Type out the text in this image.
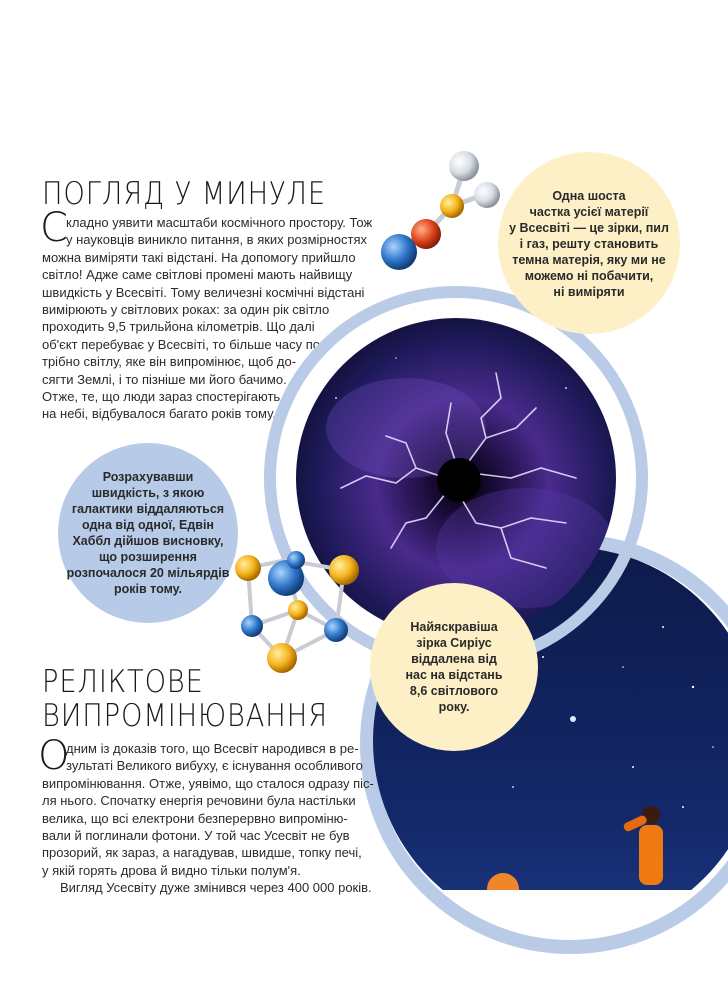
ПОГЛЯД У МИНУЛЕ
С
кладно уявити масштаби космічного простору. Тож
у науковців виникло питання, в яких розмірностях
можна виміряти такі відстані. На допомогу прийшло
світло! Адже саме світлові промені мають найвищу
швидкість у Всесвіті. Тому величезні космічні відстані
вимірюють у світлових роках: за один рік світло
проходить 9,5 трильйона кілометрів. Що далі
об'єкт перебуває у Всесвіті, то більше часу по-
трібно світлу, яке він випромінює, щоб до-
сягти Землі, і то пізніше ми його бачимо.
Отже, те, що люди зараз спостерігають
на небі, відбувалося багато років тому.
Одна шоста
частка усієї матерії
у Всесвіті — це зірки, пил
і газ, решту становить
темна матерія, яку ми не
можемо ні побачити,
ні виміряти
Розрахувавши
швидкість, з якою
галактики віддаляються
одна від одної, Едвін
Хаббл дійшов висновку,
що розширення
розпочалося 20 мільярдів
років тому.
Найяскравіша
зірка Сиріус
віддалена від
нас на відстань
8,6 світлового
року.
РЕЛІКТОВЕ
ВИПРОМІНЮВАННЯ
О
дним із доказів того, що Всесвіт народився в ре-
зультаті Великого вибуху, є існування особливого
випромінювання. Отже, уявімо, що сталося одразу піс-
ля нього. Спочатку енергія речовини була настільки
велика, що всі електрони безперервно випроміню-
вали й поглинали фотони. У той час Усесвіт не був
прозорий, як зараз, а нагадував, швидше, топку печі,
у якій горять дрова й видно тільки полум'я.
Вигляд Усесвіту дуже змінився через 400 000 років.
